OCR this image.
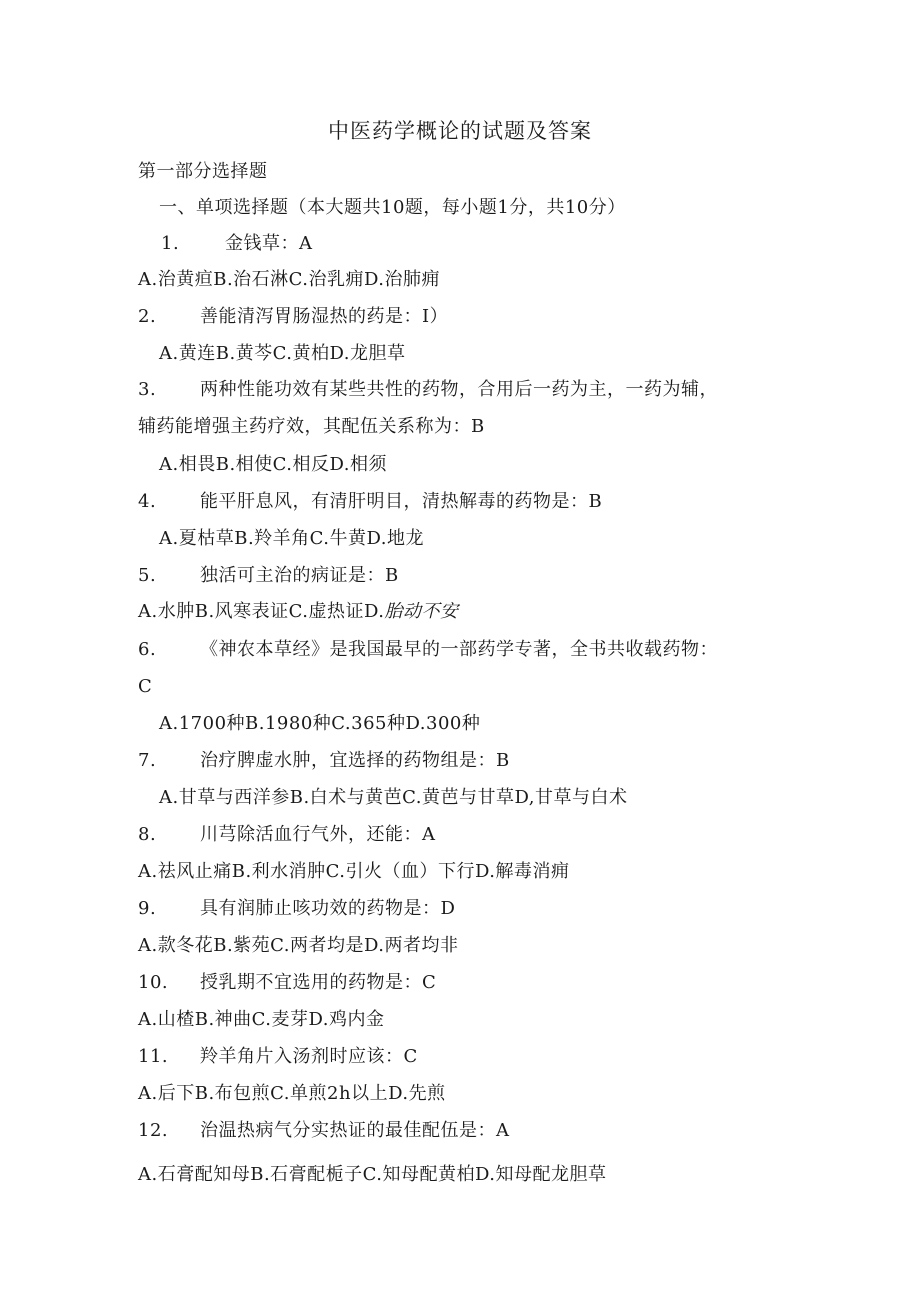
中医药学概论的试题及答案
第一部分选择题
一、单项选择题（本大题共10题，每小题1分，共10分）
1.	金钱草：A
A.治黄疸B.治石淋C.治乳痈D.治肺痈
2. 善能清泻胃肠湿热的药是：I）
A.黄连B.黄芩C.黄柏D.龙胆草
3. 两种性能功效有某些共性的药物，合用后一药为主，一药为辅，
辅药能增强主药疗效，其配伍关系称为：B
A.相畏B.相使C.相反D.相须
4. 能平肝息风，有清肝明目，清热解毒的药物是：B
A.夏枯草B.羚羊角C.牛黄D.地龙
5. 独活可主治的病证是：B
A.水肿B.风寒表证C.虚热证D.胎动不安
6. 《神农本草经》是我国最早的一部药学专著，全书共收载药物：
C
A.1700种B.1980种C.365种D.300种
7. 治疗脾虚水肿，宜选择的药物组是：B
A.甘草与西洋参B.白术与黄芭C.黄芭与甘草D,甘草与白术
8. 川芎除活血行气外，还能：A
A.祛风止痛B.利水消肿C.引火（血）下行D.解毒消痈
9. 具有润肺止咳功效的药物是：D
A.款冬花B.紫苑C.两者均是D.两者均非
10. 授乳期不宜选用的药物是：C
A.山楂B.神曲C.麦芽D.鸡内金
11. 羚羊角片入汤剂时应该：C
A.后下B.布包煎C.单煎2h以上D.先煎
12. 治温热病气分实热证的最佳配伍是：A
A.石膏配知母B.石膏配栀子C.知母配黄柏D.知母配龙胆草
